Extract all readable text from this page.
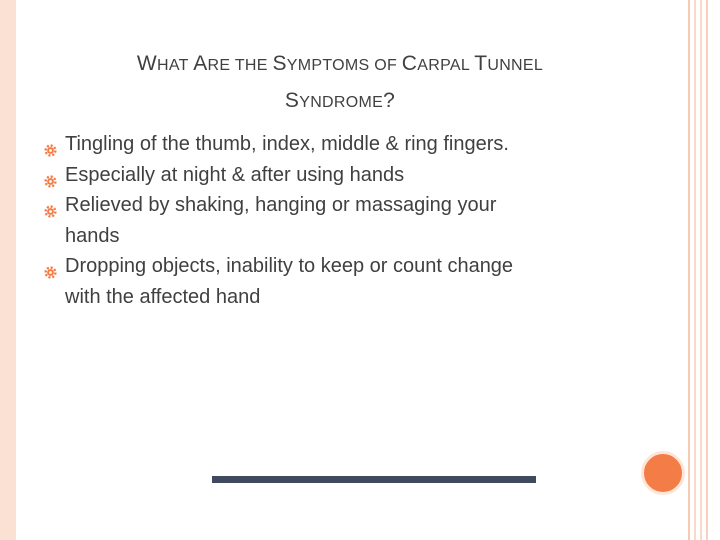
WHAT ARE THE SYMPTOMS OF CARPAL TUNNEL
SYNDROME?
Tingling of the thumb, index, middle & ring fingers.
Especially at night & after using hands
Relieved by shaking, hanging or massaging your
hands
Dropping objects, inability to keep or count change
with the affected hand
